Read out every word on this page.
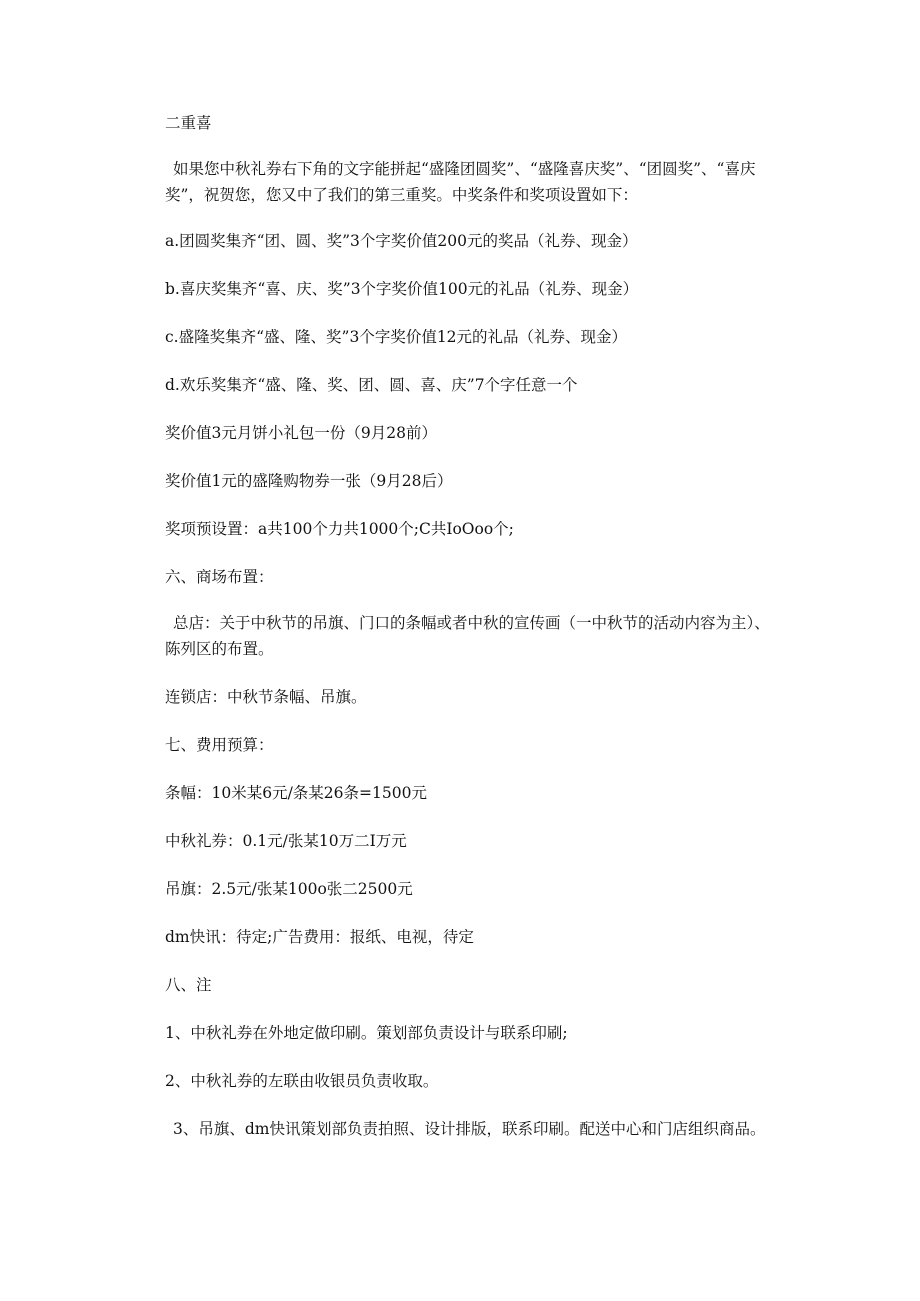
二重喜

如果您中秋礼券右下角的文字能拼起“盛隆团圆奖”、“盛隆喜庆奖”、“团圆奖”、“喜庆奖”，祝贺您，您又中了我们的第三重奖。中奖条件和奖项设置如下：

a.团圆奖集齐“团、圆、奖”3个字奖价值200元的奖品（礼券、现金）

b.喜庆奖集齐“喜、庆、奖”3个字奖价值100元的礼品（礼券、现金）

c.盛隆奖集齐“盛、隆、奖”3个字奖价值12元的礼品（礼券、现金）

d.欢乐奖集齐“盛、隆、奖、团、圆、喜、庆”7个字任意一个

奖价值3元月饼小礼包一份（9月28前）

奖价值1元的盛隆购物券一张（9月28后）

奖项预设置：a共100个力共1000个;C共IoOoo个;

六、商场布置：

总店：关于中秋节的吊旗、门口的条幅或者中秋的宣传画（一中秋节的活动内容为主）、陈列区的布置。

连锁店：中秋节条幅、吊旗。

七、费用预算：

条幅：10米某6元/条某26条=1500元

中秋礼券：0.1元/张某10万二I万元

吊旗：2.5元/张某100o张二2500元

dm快讯：待定;广告费用：报纸、电视，待定

八、注

1、中秋礼券在外地定做印刷。策划部负责设计与联系印刷;

2、中秋礼券的左联由收银员负责收取。

3、吊旗、dm快讯策划部负责拍照、设计排版，联系印刷。配送中心和门店组织商品。
